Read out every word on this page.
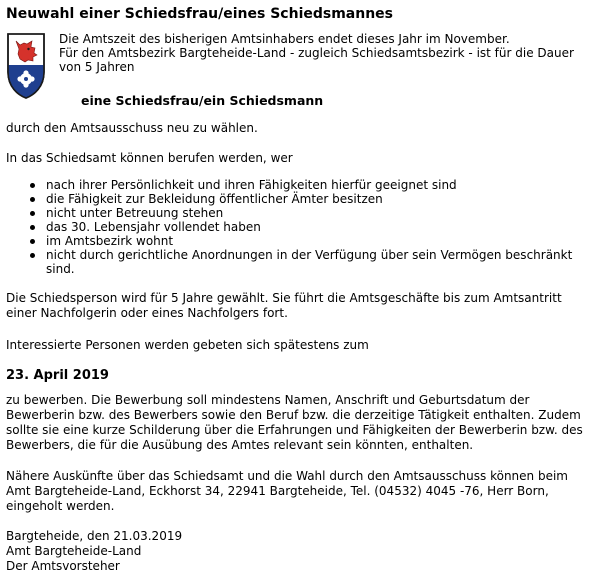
Neuwahl einer Schiedsfrau/eines Schiedsmannes

Die Amtszeit des bisherigen Amtsinhabers endet dieses Jahr im November.

Für den Amtsbezirk Bargteheide-Land - zugleich Schiedsamtsbezirk - ist für die Dauer von 5 Jahren

eine Schiedsfrau/ein Schiedsmann

durch den Amtsausschuss neu zu wählen.

In das Schiedsamt können berufen werden, wer

nach ihrer Persönlichkeit und ihren Fähigkeiten hierfür geeignet sind
die Fähigkeit zur Bekleidung öffentlicher Ämter besitzen
nicht unter Betreuung stehen
das 30. Lebensjahr vollendet haben
im Amtsbezirk wohnt
nicht durch gerichtliche Anordnungen in der Verfügung über sein Vermögen beschränkt sind.

Die Schiedsperson wird für 5 Jahre gewählt. Sie führt die Amtsgeschäfte bis zum Amtsantritt einer Nachfolgerin oder eines Nachfolgers fort.

Interessierte Personen werden gebeten sich spätestens zum

23. April 2019

zu bewerben. Die Bewerbung soll mindestens Namen, Anschrift und Geburtsdatum der Bewerberin bzw. des Bewerbers sowie den Beruf bzw. die derzeitige Tätigkeit enthalten. Zudem sollte sie eine kurze Schilderung über die Erfahrungen und Fähigkeiten der Bewerberin bzw. des Bewerbers, die für die Ausübung des Amtes relevant sein könnten, enthalten.

Nähere Auskünfte über das Schiedsamt und die Wahl durch den Amtsausschuss können beim Amt Bargteheide-Land, Eckhorst 34, 22941 Bargteheide, Tel. (04532) 4045 -76, Herr Born, eingeholt werden.

Bargteheide, den 21.03.2019
Amt Bargteheide-Land
Der Amtsvorsteher
